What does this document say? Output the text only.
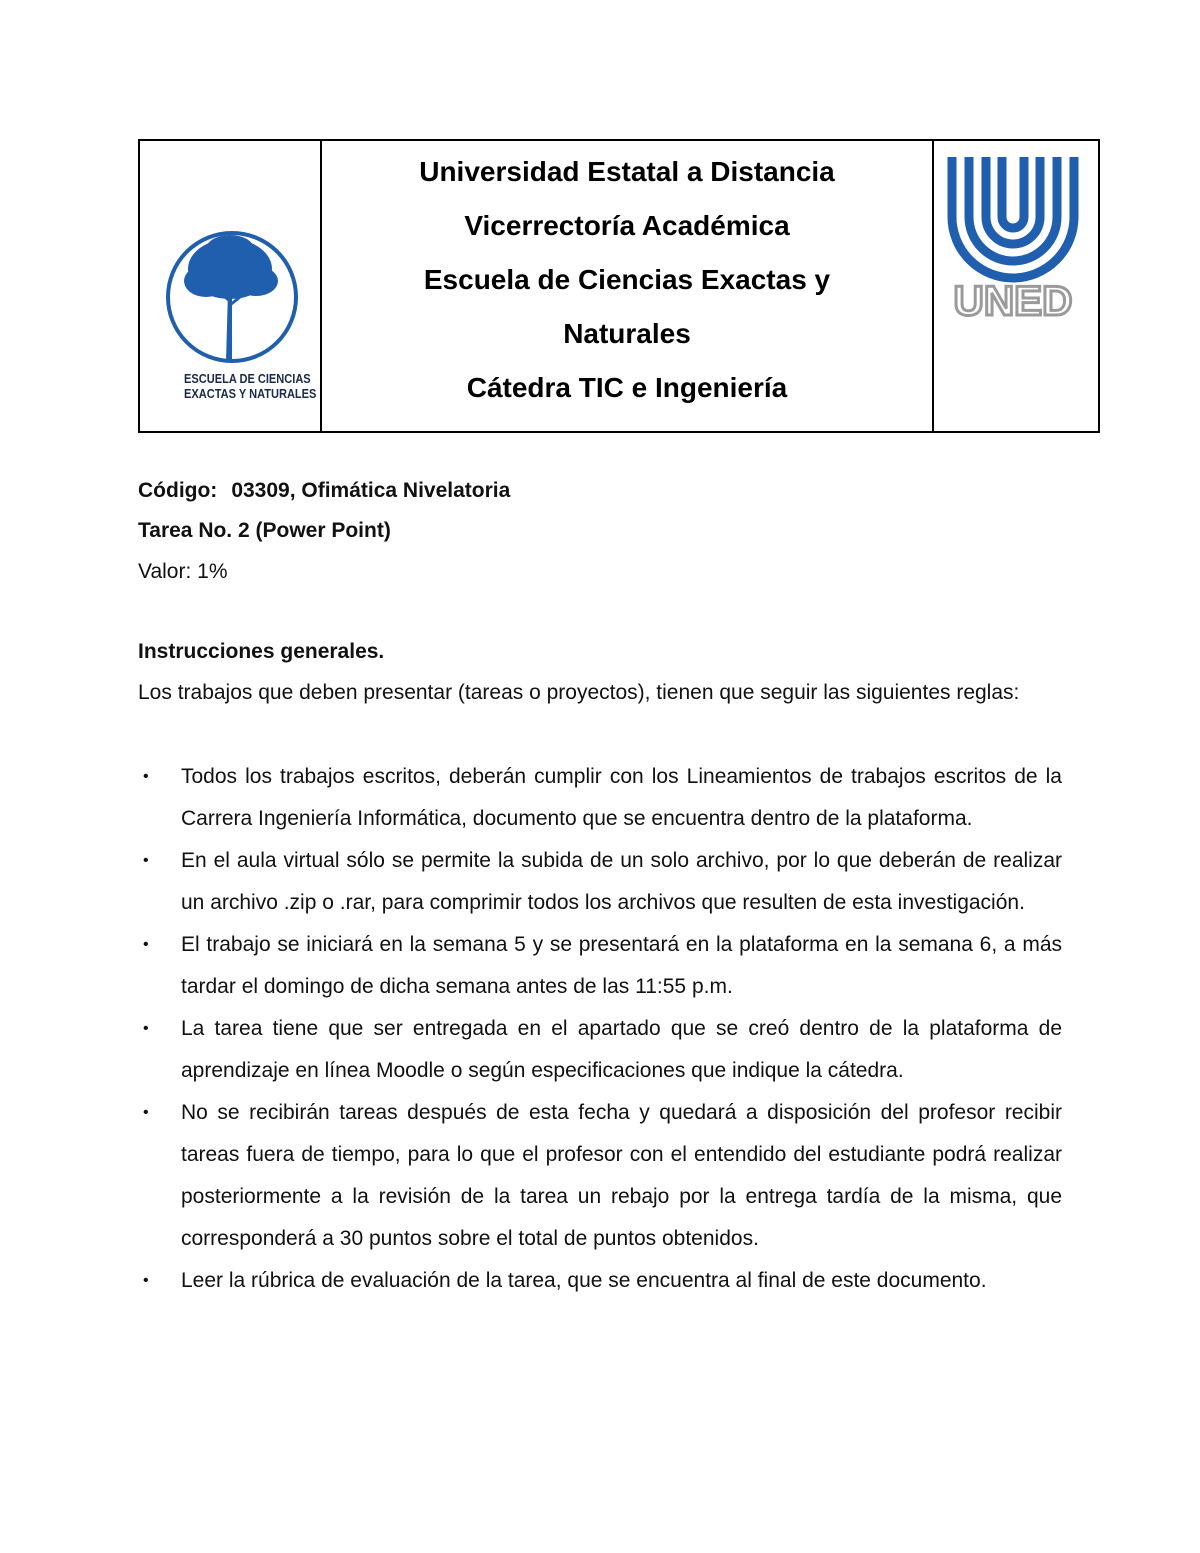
ESCUELA DE CIENCIAS
EXACTAS Y NATURALES
Universidad Estatal a Distancia
Vicerrectoría Académica
Escuela de Ciencias Exactas y
Naturales
Cátedra TIC e Ingeniería
UNED
Código: 03309, Ofimática Nivelatoria
Tarea No. 2 (Power Point)
Valor: 1%
Instrucciones generales.
Los trabajos que deben presentar (tareas o proyectos), tienen que seguir las siguientes reglas:
• Todos los trabajos escritos, deberán cumplir con los Lineamientos de trabajos escritos de la Carrera Ingeniería Informática, documento que se encuentra dentro de la plataforma.
• En el aula virtual sólo se permite la subida de un solo archivo, por lo que deberán de realizar un archivo .zip o .rar, para comprimir todos los archivos que resulten de esta investigación.
• El trabajo se iniciará en la semana 5 y se presentará en la plataforma en la semana 6, a más tardar el domingo de dicha semana antes de las 11:55 p.m.
• La tarea tiene que ser entregada en el apartado que se creó dentro de la plataforma de aprendizaje en línea Moodle o según especificaciones que indique la cátedra.
• No se recibirán tareas después de esta fecha y quedará a disposición del profesor recibir tareas fuera de tiempo, para lo que el profesor con el entendido del estudiante podrá realizar posteriormente a la revisión de la tarea un rebajo por la entrega tardía de la misma, que corresponderá a 30 puntos sobre el total de puntos obtenidos.
• Leer la rúbrica de evaluación de la tarea, que se encuentra al final de este documento.
